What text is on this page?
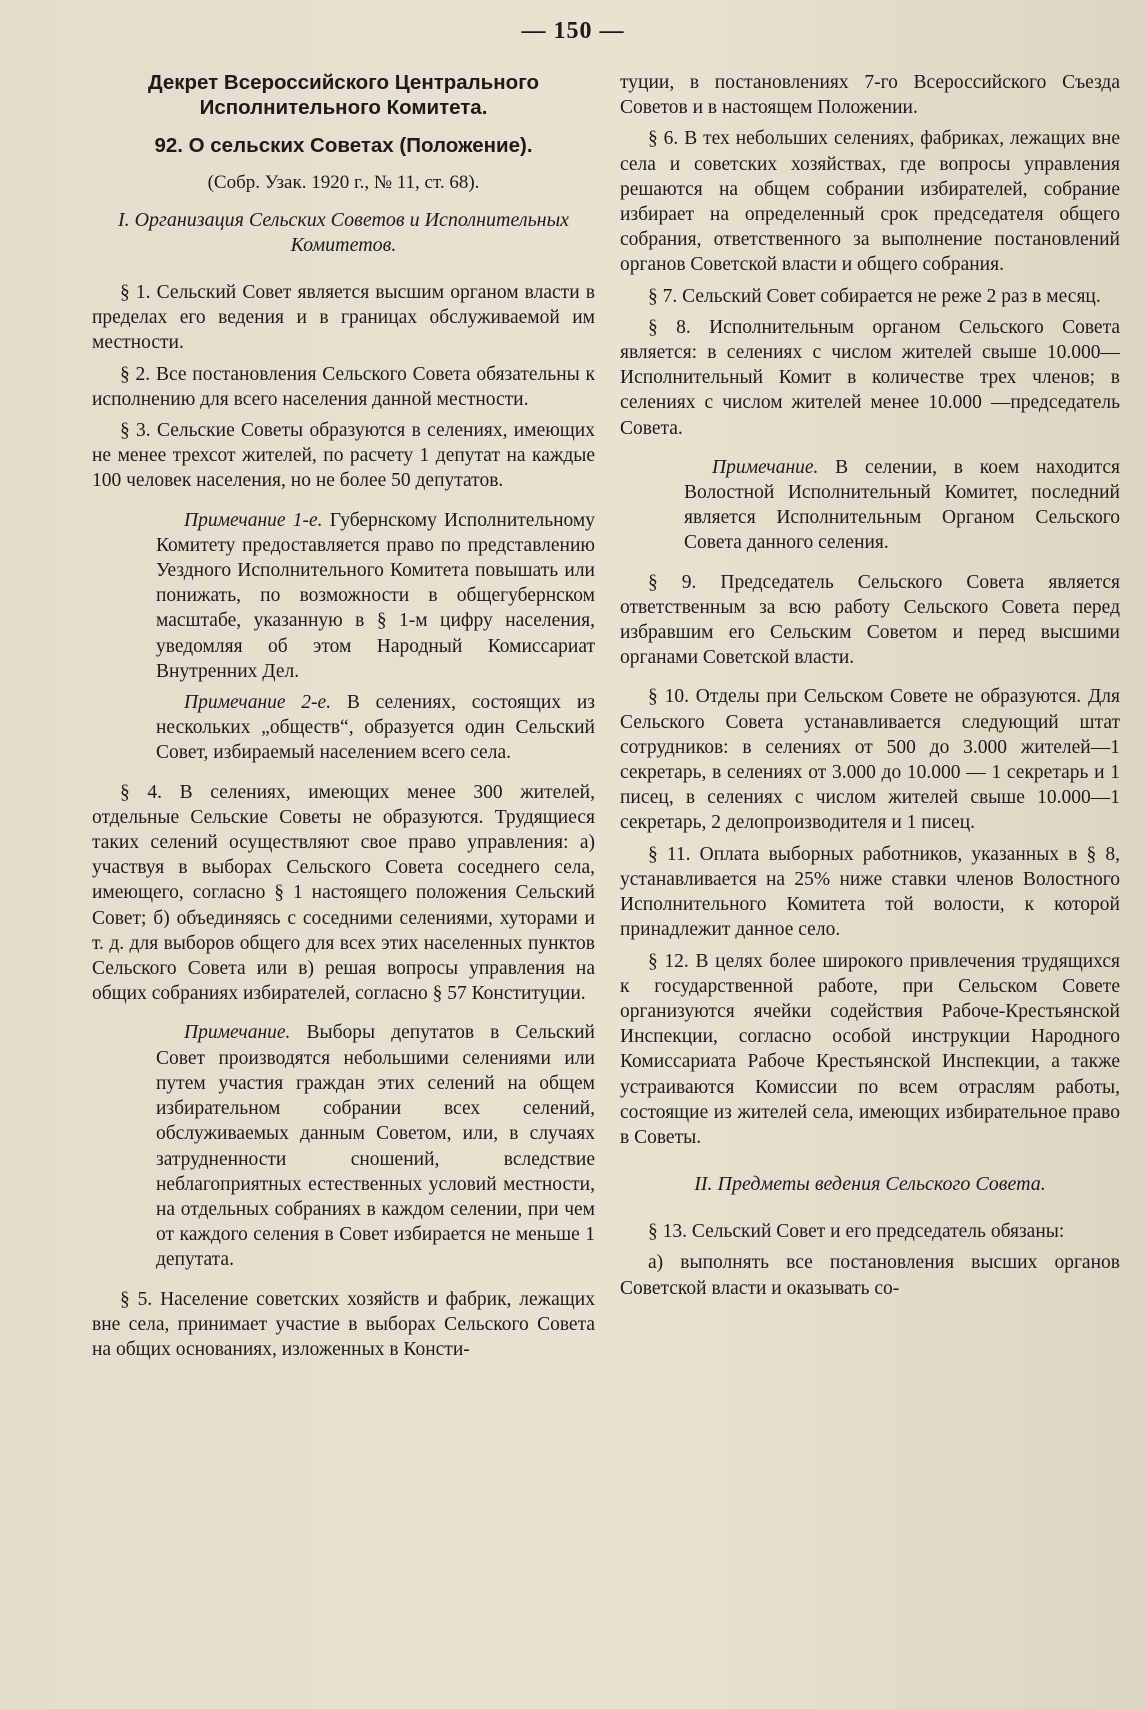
— 150 —

Декрет Всероссийского Центрального Исполнительного Комитета.

92. О сельских Советах (Положение).

(Собр. Узак. 1920 г., № 11, ст. 68).

I. Организация Сельских Советов и Исполнительных Комитетов.

§ 1. Сельский Совет является высшим органом власти в пределах его ведения и в границах обслуживаемой им местности.

§ 2. Все постановления Сельского Совета обязательны к исполнению для всего населения данной местности.

§ 3. Сельские Советы образуются в селениях, имеющих не менее трехсот жителей, по расчету 1 депутат на каждые 100 человек населения, но не более 50 депутатов.

Примечание 1-е. Губернскому Исполнительному Комитету предоставляется право по представлению Уездного Исполнительного Комитета повышать или понижать, по возможности в общегубернском масштабе, указанную в § 1-м цифру населения, уведомляя об этом Народный Комиссариат Внутренних Дел.

Примечание 2-е. В селениях, состоящих из нескольких „обществ“, образуется один Сельский Совет, избираемый населением всего села.

§ 4. В селениях, имеющих менее 300 жителей, отдельные Сельские Советы не образуются. Трудящиеся таких селений осуществляют свое право управления: а) участвуя в выборах Сельского Совета соседнего села, имеющего, согласно § 1 настоящего положения Сельский Совет; б) объединяясь с соседними селениями, хуторами и т. д. для выборов общего для всех этих населенных пунктов Сельского Совета или в) решая вопросы управления на общих собраниях избирателей, согласно § 57 Конституции.

Примечание. Выборы депутатов в Сельский Совет производятся небольшими селениями или путем участия граждан этих селений на общем избирательном собрании всех селений, обслуживаемых данным Советом, или, в случаях затрудненности сношений, вследствие неблагоприятных естественных условий местности, на отдельных собраниях в каждом селении, при чем от каждого селения в Совет избирается не меньше 1 депутата.

§ 5. Население советских хозяйств и фабрик, лежащих вне села, принимает участие в выборах Сельского Совета на общих основаниях, изложенных в Консти-

туции, в постановлениях 7-го Всероссийского Съезда Советов и в настоящем Положении.

§ 6. В тех небольших селениях, фабриках, лежащих вне села и советских хозяйствах, где вопросы управления решаются на общем собрании избирателей, собрание избирает на определенный срок председателя общего собрания, ответственного за выполнение постановлений органов Советской власти и общего собрания.

§ 7. Сельский Совет собирается не реже 2 раз в месяц.

§ 8. Исполнительным органом Сельского Совета является: в селениях с числом жителей свыше 10.000—Исполнительный Комит в количестве трех членов; в селениях с числом жителей менее 10.000 —председатель Совета.

Примечание. В селении, в коем находится Волостной Исполнительный Комитет, последний является Исполнительным Органом Сельского Совета данного селения.

§ 9. Председатель Сельского Совета является ответственным за всю работу Сельского Совета перед избравшим его Сельским Советом и перед высшими органами Советской власти.

§ 10. Отделы при Сельском Совете не образуются. Для Сельского Совета устанавливается следующий штат сотрудников: в селениях от 500 до 3.000 жителей—1 секретарь, в селениях от 3.000 до 10.000 — 1 секретарь и 1 писец, в селениях с числом жителей свыше 10.000—1 секретарь, 2 делопроизводителя и 1 писец.

§ 11. Оплата выборных работников, указанных в § 8, устанавливается на 25% ниже ставки членов Волостного Исполнительного Комитета той волости, к которой принадлежит данное село.

§ 12. В целях более широкого привлечения трудящихся к государственной работе, при Сельском Совете организуются ячейки содействия Рабоче-Крестьянской Инспекции, согласно особой инструкции Народного Комиссариата Рабоче Крестьянской Инспекции, а также устраиваются Комиссии по всем отраслям работы, состоящие из жителей села, имеющих избирательное право в Советы.

II. Предметы ведения Сельского Совета.

§ 13. Сельский Совет и его председатель обязаны:

а) выполнять все постановления высших органов Советской власти и оказывать со-
